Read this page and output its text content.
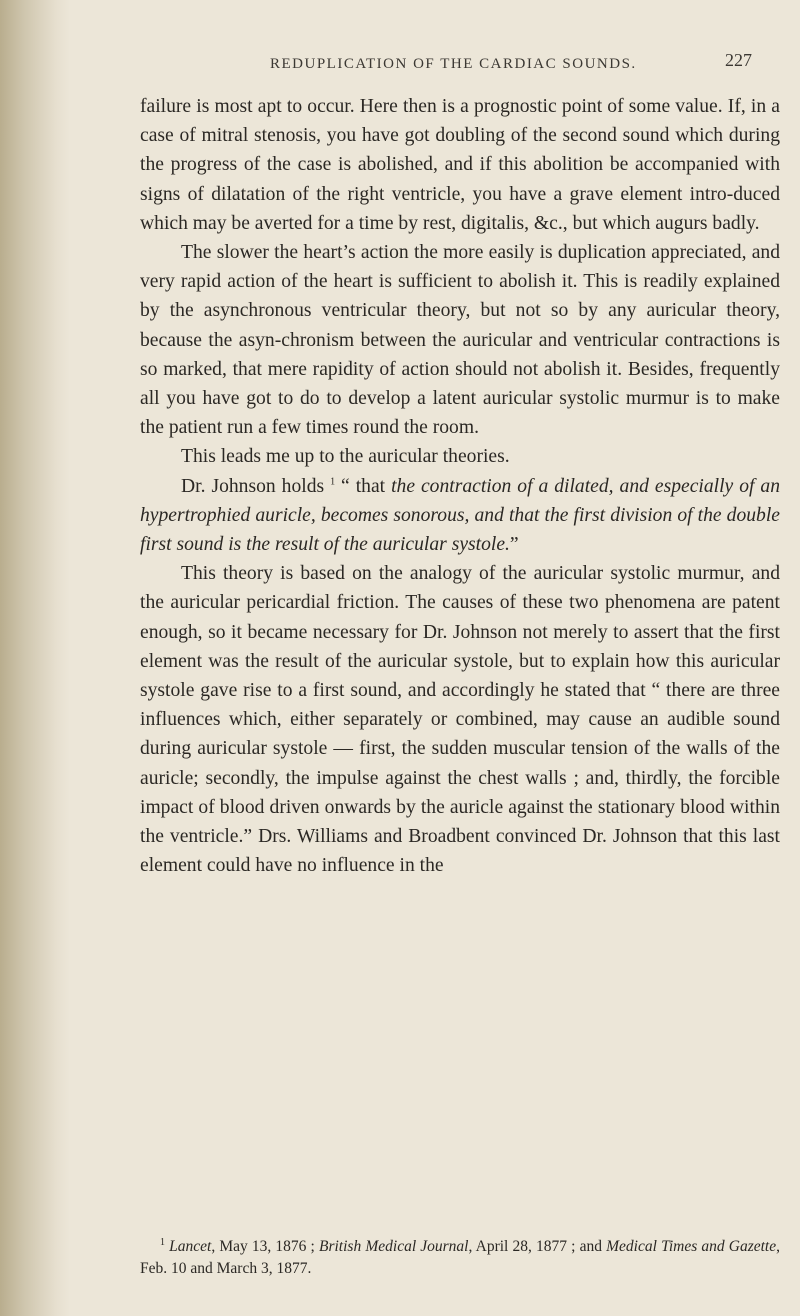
REDUPLICATION OF THE CARDIAC SOUNDS.	227

failure is most apt to occur. Here then is a prognostic point of some value. If, in a case of mitral stenosis, you have got doubling of the second sound which during the progress of the case is abolished, and if this abolition be accompanied with signs of dilatation of the right ventricle, you have a grave element intro-duced which may be averted for a time by rest, digitalis, &c., but which augurs badly.

The slower the heart’s action the more easily is duplication appreciated, and very rapid action of the heart is sufficient to abolish it. This is readily explained by the asynchronous ventricular theory, but not so by any auricular theory, because the asyn-chronism between the auricular and ventricular contractions is so marked, that mere rapidity of action should not abolish it. Besides, frequently all you have got to do to develop a latent auricular systolic murmur is to make the patient run a few times round the room.

This leads me up to the auricular theories.

Dr. Johnson holds $^1$ “ that the contraction of a dilated, and especially of an hypertrophied auricle, becomes sonorous, and that the first division of the double first sound is the result of the auricular systole.”

This theory is based on the analogy of the auricular systolic murmur, and the auricular pericardial friction. The causes of these two phenomena are patent enough, so it became necessary for Dr. Johnson not merely to assert that the first element was the result of the auricular systole, but to explain how this auricular systole gave rise to a first sound, and accordingly he stated that “ there are three influences which, either separately or combined, may cause an audible sound during auricular systole — first, the sudden muscular tension of the walls of the auricle; secondly, the impulse against the chest walls ; and, thirdly, the forcible impact of blood driven onwards by the auricle against the stationary blood within the ventricle.” Drs. Williams and Broadbent convinced Dr. Johnson that this last element could have no influence in the

$^1$ Lancet, May 13, 1876 ; British Medical Journal, April 28, 1877 ; and Medical Times and Gazette, Feb. 10 and March 3, 1877.
